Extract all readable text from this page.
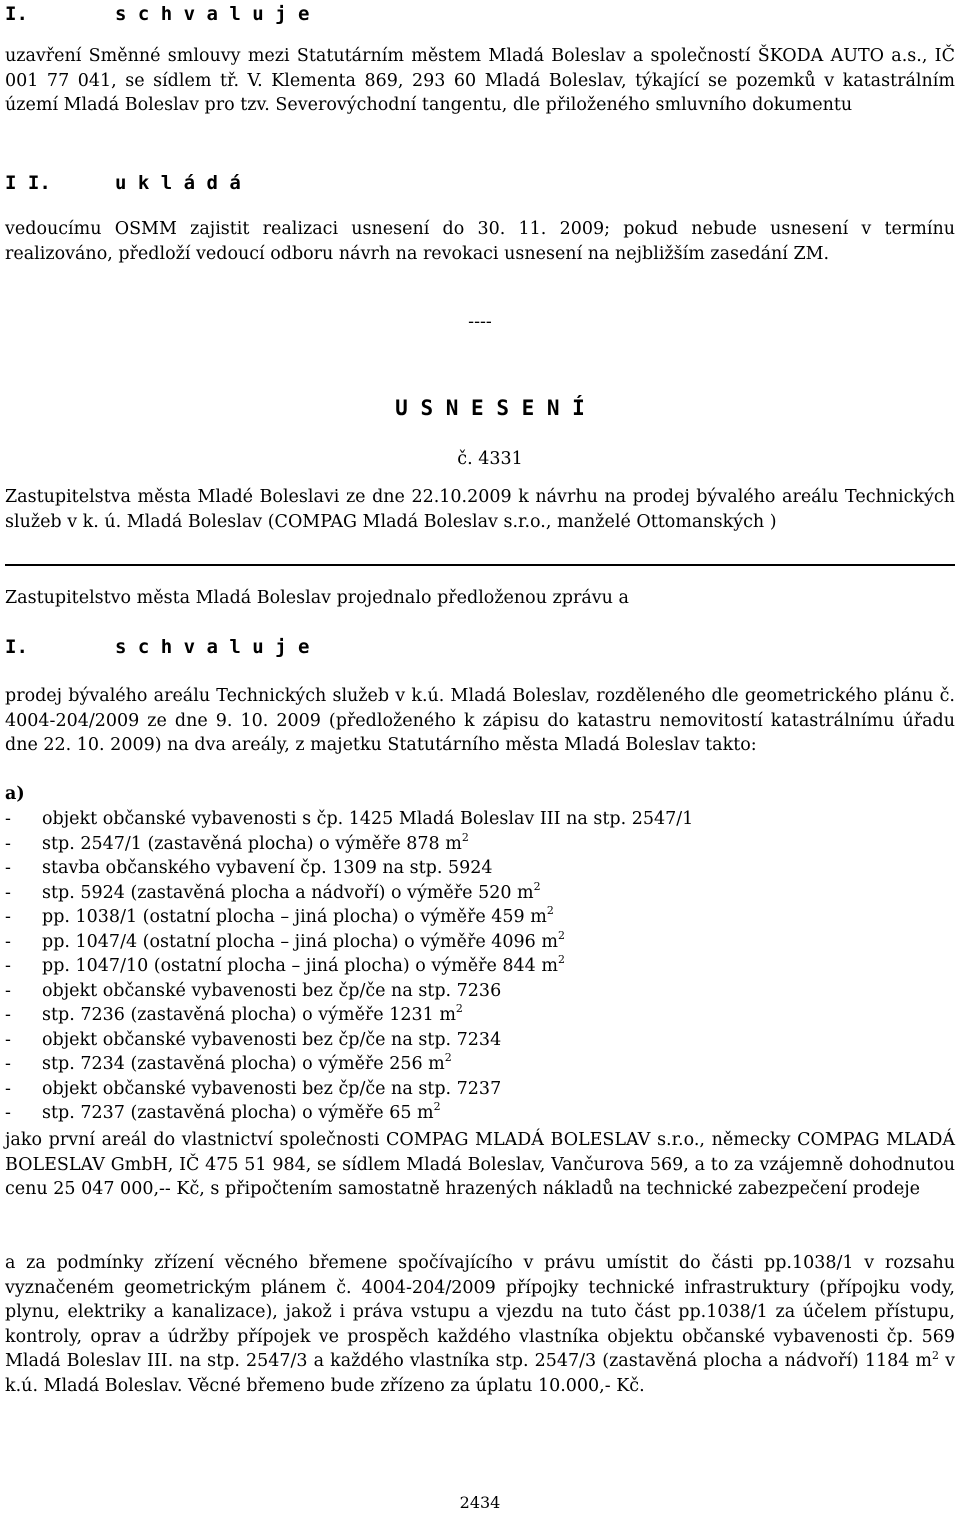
I.	s c h v a l u j e

uzavření Směnné smlouvy mezi Statutárním městem Mladá Boleslav a společností ŠKODA AUTO a.s., IČ 001 77 041, se sídlem tř. V. Klementa 869, 293 60 Mladá Boleslav, týkající se pozemků v katastrálním území Mladá Boleslav pro tzv. Severovýchodní tangentu, dle přiloženého smluvního dokumentu

I I.	u k l á d á

vedoucímu OSMM zajistit realizaci usnesení do 30. 11. 2009; pokud nebude usnesení v termínu realizováno, předloží vedoucí odboru návrh na revokaci usnesení na nejbližším zasedání ZM.

----

U S N E S E N Í

č. 4331

Zastupitelstva města Mladé Boleslavi ze dne 22.10.2009 k návrhu na prodej bývalého areálu Technických služeb v k. ú. Mladá Boleslav (COMPAG Mladá Boleslav s.r.o., manželé Ottomanských )

Zastupitelstvo města Mladá Boleslav projednalo předloženou zprávu a

I.	s c h v a l u j e

prodej bývalého areálu Technických služeb v k.ú. Mladá Boleslav, rozděleného dle geometrického plánu č. 4004-204/2009 ze dne 9. 10. 2009 (předloženého k zápisu do katastru nemovitostí katastrálnímu úřadu dne 22. 10. 2009) na dva areály, z majetku Statutárního města Mladá Boleslav takto:

a)

- objekt občanské vybavenosti s čp. 1425 Mladá Boleslav III na stp. 2547/1
- stp. 2547/1 (zastavěná plocha) o výměře 878 $m^2$
- stavba občanského vybavení čp. 1309 na stp. 5924
- stp. 5924 (zastavěná plocha a nádvoří) o výměře 520 $m^2$
- pp. 1038/1 (ostatní plocha – jiná plocha) o výměře 459 $m^2$
- pp. 1047/4 (ostatní plocha – jiná plocha) o výměře 4096 $m^2$
- pp. 1047/10 (ostatní plocha – jiná plocha) o výměře 844 $m^2$
- objekt občanské vybavenosti bez čp/če na stp. 7236
- stp. 7236 (zastavěná plocha) o výměře 1231 $m^2$
- objekt občanské vybavenosti bez čp/če na stp. 7234
- stp. 7234 (zastavěná plocha) o výměře 256 $m^2$
- objekt občanské vybavenosti bez čp/če na stp. 7237
- stp. 7237 (zastavěná plocha) o výměře 65 $m^2$

jako první areál do vlastnictví společnosti COMPAG MLADÁ BOLESLAV s.r.o., německy COMPAG MLADÁ BOLESLAV GmbH, IČ 475 51 984, se sídlem Mladá Boleslav, Vančurova 569, a to za vzájemně dohodnutou cenu 25 047 000,-- Kč, s připočtením samostatně hrazených nákladů na technické zabezpečení prodeje

a za podmínky zřízení věcného břemene spočívajícího v právu umístit do části pp.1038/1 v rozsahu vyznačeném geometrickým plánem č. 4004-204/2009 přípojky technické infrastruktury (přípojku vody, plynu, elektriky a kanalizace), jakož i práva vstupu a vjezdu na tuto část pp.1038/1 za účelem přístupu, kontroly, oprav a údržby přípojek ve prospěch každého vlastníka objektu občanské vybavenosti čp. 569 Mladá Boleslav III. na stp. 2547/3 a každého vlastníka stp. 2547/3 (zastavěná plocha a nádvoří) 1184 $m^2$ v k.ú. Mladá Boleslav. Věcné břemeno bude zřízeno za úplatu 10.000,- Kč.

2434
